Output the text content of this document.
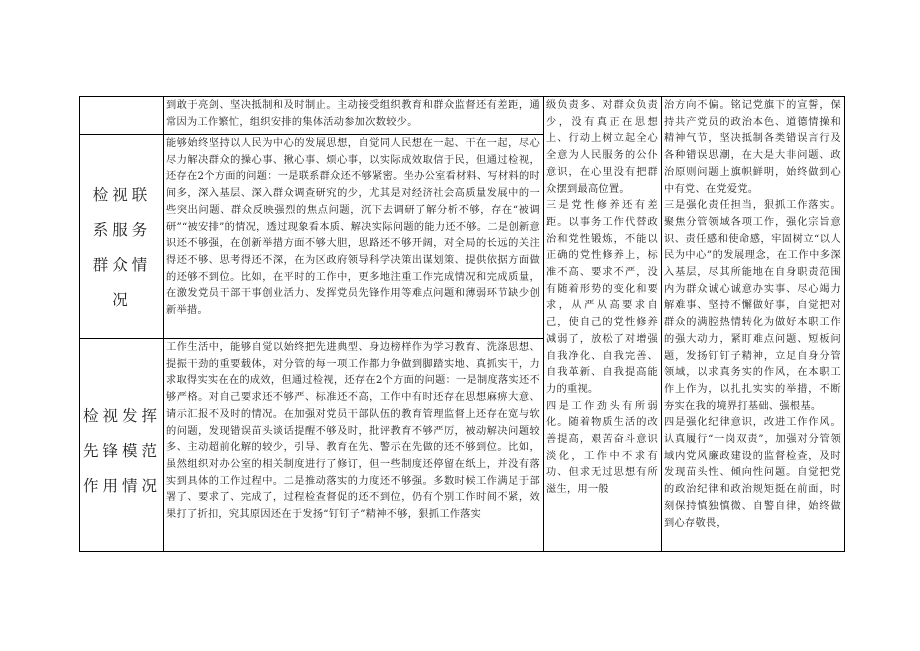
到敢于亮剑、坚决抵制和及时制止。主动接受组织教育和群众监督还有差距，通常因为工作繁忙，组织安排的集体活动参加次数较少。

检视联系服务群众情况

能够始终坚持以人民为中心的发展思想，自觉同人民想在一起、干在一起，尽心尽力解决群众的操心事、揪心事、烦心事，以实际成效取信于民，但通过检视，还存在2个方面的问题：一是联系群众还不够紧密。坐办公室看材料、写材料的时间多，深入基层、深入群众调查研究的少，尤其是对经济社会高质量发展中的一些突出问题、群众反映强烈的焦点问题，沉下去调研了解分析不够，存在“被调研”“被安排”的情况，透过现象看本质、解决实际问题的能力还不够。二是创新意识还不够强，在创新举措方面不够大胆，思路还不够开阔，对全局的长远的关注得还不够、思考得还不深，在为区政府领导科学决策出谋划策、提供依据方面做的还够不到位。比如，在平时的工作中，更多地注重工作完成情况和完成质量，在激发党员干部干事创业活力、发挥党员先锋作用等难点问题和薄弱环节缺少创新举措。

检视发挥先锋模范作用情况

工作生活中，能够自觉以始终把先进典型、身边榜样作为学习教育、洗涤思想、提振干劲的重要载体，对分管的每一项工作都力争做到脚踏实地、真抓实干，力求取得实实在在的成效，但通过检视，还存在2个方面的问题：一是制度落实还不够严格。对自己要求还不够严、标准还不高，工作中有时还存在思想麻痹大意、请示汇报不及时的情况。在加强对党员干部队伍的教育管理监督上还存在宽与软的问题，发现错误苗头谈话提醒不够及时，批评教育不够严厉，被动解决问题较多、主动超前化解的较少，引导、教育在先、警示在先做的还不够到位。比如，虽然组织对办公室的相关制度进行了修订，但一些制度还停留在纸上，并没有落实到具体的工作过程中。二是推动落实的力度还不够强。多数时候工作满足于部署了、要求了、完成了，过程检查督促的还不到位，仍有个别工作时间不紧，效果打了折扣，究其原因还在于发扬“钉钉子”精神不够，狠抓工作落实

级负责多、对群众负责少，没有真正在思想上、行动上树立起全心全意为人民服务的公仆意识，在心里没有把群众摆到最高位置。
三是党性修养还有差距。以事务工作代替政治和党性锻炼，不能以正确的党性修养上，标准不高、要求不严，没有随着形势的变化和要求，从严从高要求自己，使自己的党性修养减弱了，放松了对增强自我净化、自我完善、自我革新、自我提高能力的重视。
四是工作劲头有所弱化。随着物质生活的改善提高，艰苦奋斗意识淡化，工作中不求有功、但求无过思想有所滋生，用一般

治方向不偏。铭记党旗下的宣誓，保持共产党员的政治本色、道德情操和精神气节，坚决抵制各类错误言行及各种错误思潮，在大是大非问题、政治原则问题上旗帜鲜明，始终做到心中有党、在党爱党。
三是强化责任担当，狠抓工作落实。聚焦分管领域各项工作，强化宗旨意识、责任感和使命感，牢固树立“以人民为中心”的发展理念，在工作中多深入基层，尽其所能地在自身职责范围内为群众诚心诚意办实事、尽心竭力解难事、坚持不懈做好事，自觉把对群众的满腔热情转化为做好本职工作的强大动力，紧盯难点问题、短板问题，发扬钉钉子精神，立足自身分管领域，以求真务实的作风，在本职工作上作为，以扎扎实实的举措，不断夯实在我的境界打基础、强根基。
四是强化纪律意识，改进工作作风。认真履行“一岗双责”，加强对分管领域内党风廉政建设的监督检查，及时发现苗头性、倾向性问题。自觉把党的政治纪律和政治规矩挺在前面，时刻保持慎独慎微、自警自律，始终做到心存敬畏，
